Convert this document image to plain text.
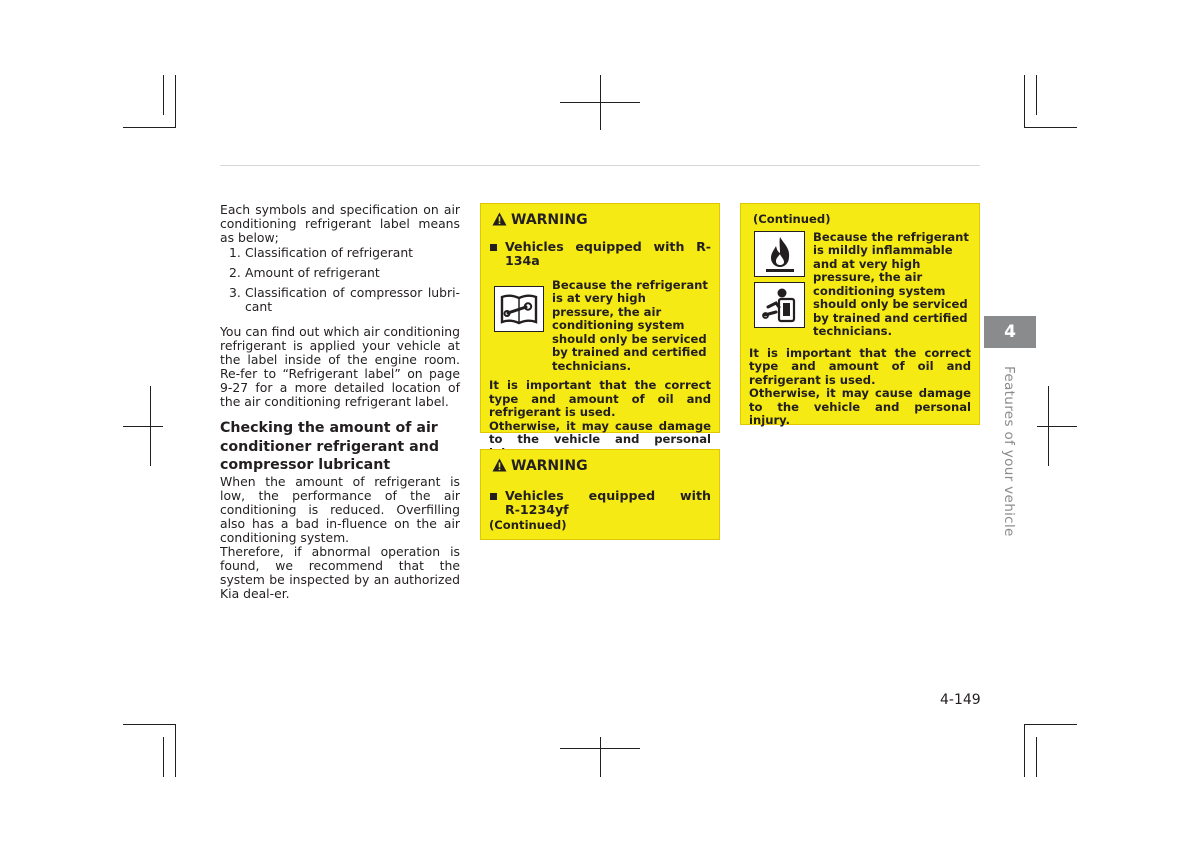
Each symbols and specification on air conditioning refrigerant label means as below;

1. Classification of refrigerant
2. Amount of refrigerant
3. Classification of compressor lubri-cant

You can find out which air conditioning refrigerant is applied your vehicle at the label inside of the engine room. Re-fer to “Refrigerant label” on page 9-27 for a more detailed location of the air conditioning refrigerant label.

Checking the amount of air conditioner refrigerant and compressor lubricant

When the amount of refrigerant is low, the performance of the air conditioning is reduced. Overfilling also has a bad in-fluence on the air conditioning system.

Therefore, if abnormal operation is found, we recommend that the system be inspected by an authorized Kia deal-er.

WARNING
Vehicles equipped with R-134a
Because the refrigerant is at very high pressure, the air conditioning system should only be serviced by trained and certified technicians.

It is important that the correct type and amount of oil and refrigerant is used.

Otherwise, it may cause damage to the vehicle and personal

WARNING
Vehicles equipped with
R-1234yf
(Continued)
(Continued)
Because the refrigerant is mildly inflammable and at very high pressure, the air conditioning system should only be serviced by trained and certified technicians.

It is important that the correct type and amount of oil and refrigerant is used.

Otherwise, it may cause damage to the vehicle and personal injury.

4
Features of your vehicle
4-149
